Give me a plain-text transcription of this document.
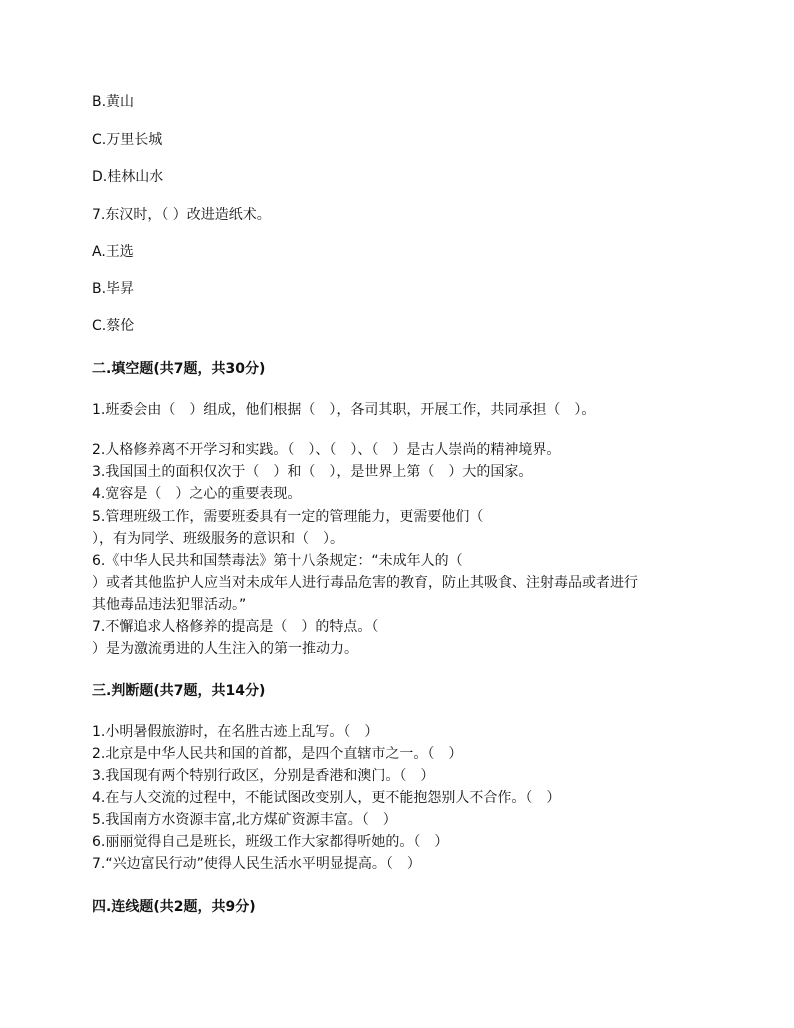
B.黄山
C.万里长城
D.桂林山水
7.东汉时，（ ）改进造纸术。
A.王选
B.毕昇
C.蔡伦
二.填空题(共7题，共30分)
1.班委会由（　）组成，他们根据（　），各司其职，开展工作，共同承担（　）。
2.人格修养离不开学习和实践。（　）、（　）、（　）是古人崇尚的精神境界。
3.我国国土的面积仅次于（　）和（　），是世界上第（　）大的国家。
4.宽容是（　）之心的重要表现。
5.管理班级工作，需要班委具有一定的管理能力，更需要他们（
），有为同学、班级服务的意识和（　）。
6.《中华人民共和国禁毒法》第十八条规定：“未成年人的（
）或者其他监护人应当对未成年人进行毒品危害的教育，防止其吸食、注射毒品或者进行
其他毒品违法犯罪活动。”
7.不懈追求人格修养的提高是（　）的特点。（
）是为激流勇进的人生注入的第一推动力。
三.判断题(共7题，共14分)
1.小明暑假旅游时，在名胜古迹上乱写。（　）
2.北京是中华人民共和国的首都，是四个直辖市之一。（　）
3.我国现有两个特别行政区，分别是香港和澳门。（　）
4.在与人交流的过程中，不能试图改变别人，更不能抱怨别人不合作。（　）
5.我国南方水资源丰富,北方煤矿资源丰富。（　）
6.丽丽觉得自己是班长，班级工作大家都得听她的。（　）
7.“兴边富民行动”使得人民生活水平明显提高。（　）
四.连线题(共2题，共9分)
